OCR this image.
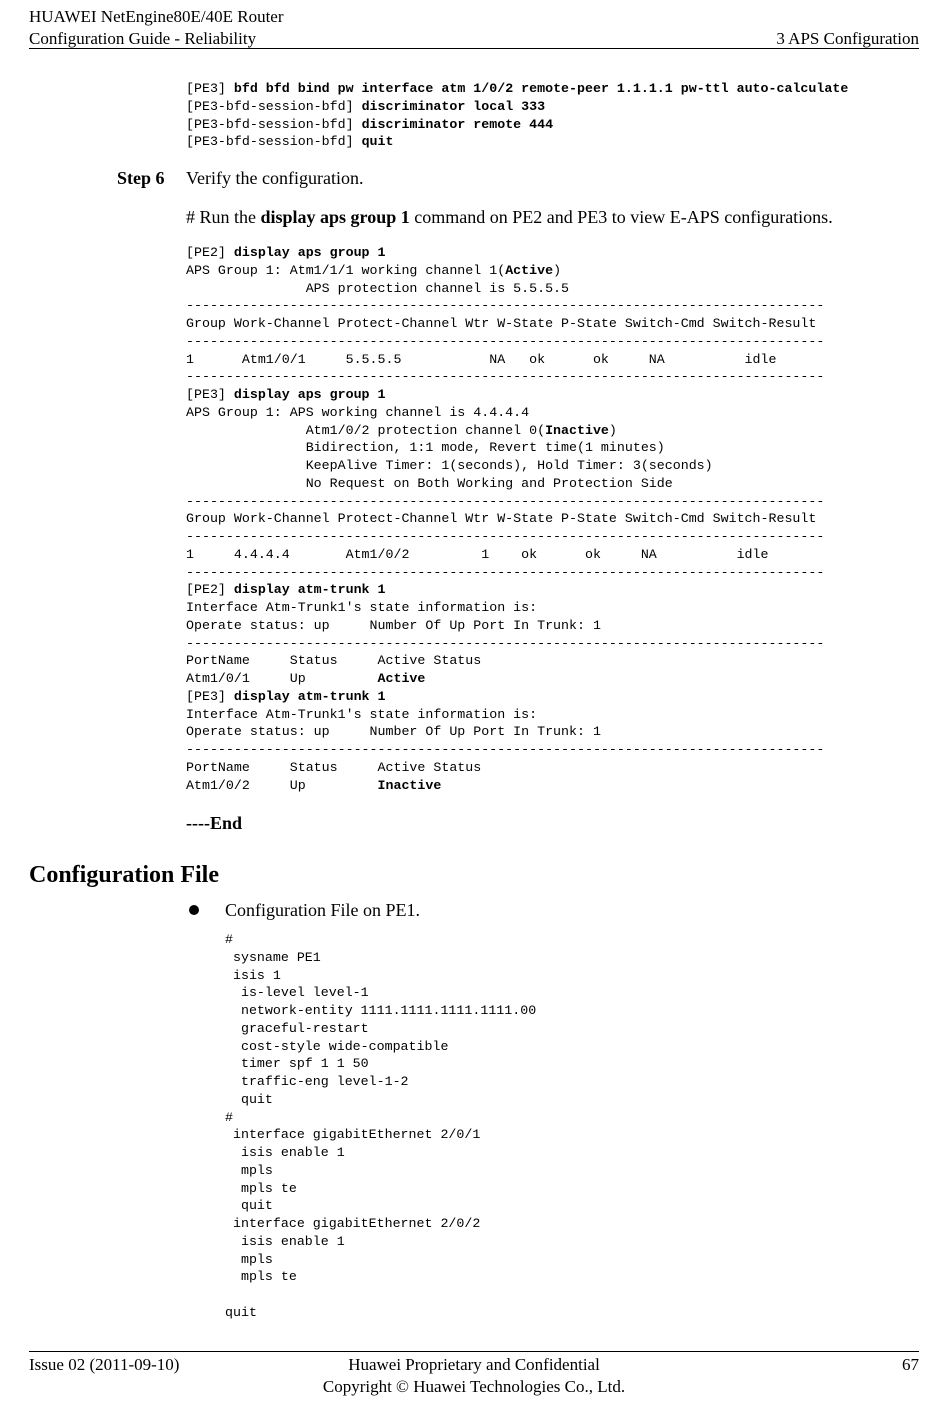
HUAWEI NetEngine80E/40E Router
Configuration Guide - Reliability	3 APS Configuration
[PE3] bfd bfd bind pw interface atm 1/0/2 remote-peer 1.1.1.1 pw-ttl auto-calculate
[PE3-bfd-session-bfd] discriminator local 333
[PE3-bfd-session-bfd] discriminator remote 444
[PE3-bfd-session-bfd] quit
Step 6 Verify the configuration.
# Run the display aps group 1 command on PE2 and PE3 to view E-APS configurations.
[PE2] display aps group 1
APS Group 1: Atm1/1/1 working channel 1(Active)
APS protection channel is 5.5.5.5
--------------------------------------------------------------------------------
Group Work-Channel Protect-Channel Wtr W-State P-State Switch-Cmd Switch-Result
--------------------------------------------------------------------------------
1      Atm1/0/1     5.5.5.5           NA   ok      ok     NA          idle
--------------------------------------------------------------------------------
[PE3] display aps group 1
APS Group 1: APS working channel is 4.4.4.4
Atm1/0/2 protection channel 0(Inactive)
Bidirection, 1:1 mode, Revert time(1 minutes)
KeepAlive Timer: 1(seconds), Hold Timer: 3(seconds)
No Request on Both Working and Protection Side
--------------------------------------------------------------------------------
Group Work-Channel Protect-Channel Wtr W-State P-State Switch-Cmd Switch-Result
--------------------------------------------------------------------------------
1     4.4.4.4       Atm1/0/2         1    ok      ok     NA          idle
--------------------------------------------------------------------------------
[PE2] display atm-trunk 1
Interface Atm-Trunk1's state information is:
Operate status: up     Number Of Up Port In Trunk: 1
--------------------------------------------------------------------------------
PortName     Status     Active Status
Atm1/0/1     Up         Active
[PE3] display atm-trunk 1
Interface Atm-Trunk1's state information is:
Operate status: up     Number Of Up Port In Trunk: 1
--------------------------------------------------------------------------------
PortName     Status     Active Status
Atm1/0/2     Up         Inactive
----End
Configuration File
Configuration File on PE1.
#
sysname PE1
isis 1
is-level level-1
network-entity 1111.1111.1111.1111.00
graceful-restart
cost-style wide-compatible
timer spf 1 1 50
traffic-eng level-1-2
quit
#
interface gigabitEthernet 2/0/1
isis enable 1
mpls
mpls te
quit
interface gigabitEthernet 2/0/2
isis enable 1
mpls
mpls te

quit
Issue 02 (2011-09-10)	Huawei Proprietary and Confidential
Copyright © Huawei Technologies Co., Ltd.
67
